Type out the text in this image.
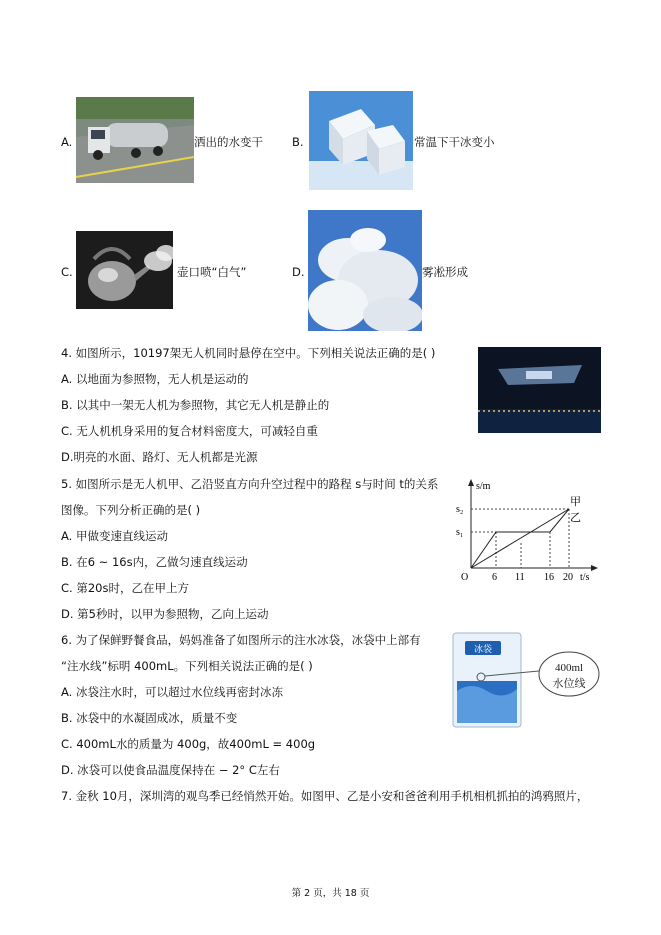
A.	洒出的水变干	B.	常温下干冰变小
C.	壶口喷“白气”	D.	雾凇形成
4. 如图所示，10197架无人机同时悬停在空中。下列相关说法正确的是( )
A. 以地面为参照物，无人机是运动的
B. 以其中一架无人机为参照物，其它无人机是静止的
C. 无人机机身采用的复合材料密度大，可减轻自重
D.明亮的水面、路灯、无人机都是光源
5. 如图所示是无人机甲、乙沿竖直方向升空过程中的路程 s与时间 t的关系
图像。下列分析正确的是( )
A. 甲做变速直线运动
B. 在6 ~ 16s内，乙做匀速直线运动
C. 第20s时，乙在甲上方
D. 第5秒时，以甲为参照物，乙向上运动
s/m
t/s
O
s₂
s₁
6 11 16 20
甲
乙
6. 为了保鲜野餐食品，妈妈准备了如图所示的注水冰袋，冰袋中上部有
“注水线”标明 400mL。下列相关说法正确的是( )
A. 冰袋注水时，可以超过水位线再密封冰冻
B. 冰袋中的水凝固成冰，质量不变
C. 400mL水的质量为 400g，故400mL = 400g
D. 冰袋可以使食品温度保持在 − 2° C左右
冰袋
400ml
水位线
7. 金秋 10月，深圳湾的观鸟季已经悄然开始。如图甲、乙是小安和爸爸利用手机相机抓拍的鸿鸦照片，
第 2 页，共 18 页
